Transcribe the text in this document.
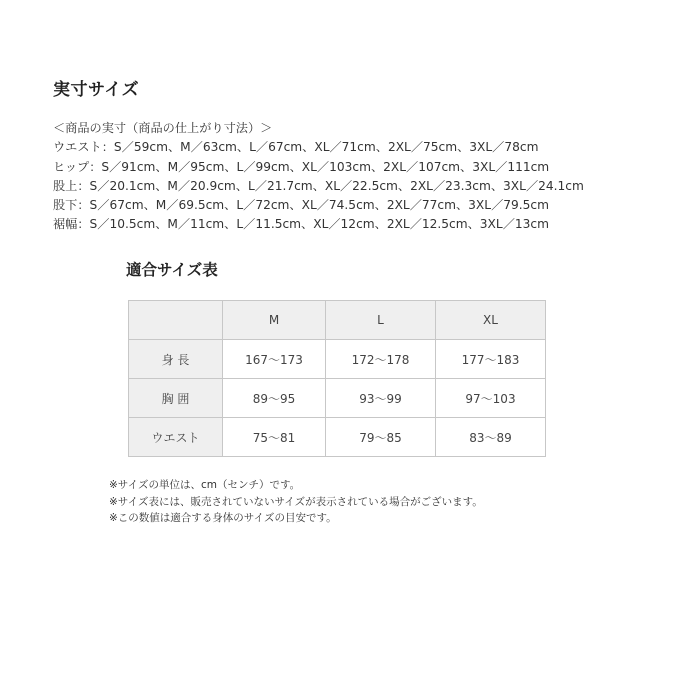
実寸サイズ
＜商品の実寸（商品の仕上がり寸法）＞
ウエスト：S／59cm、M／63cm、L／67cm、XL／71cm、2XL／75cm、3XL／78cm
ヒップ：S／91cm、M／95cm、L／99cm、XL／103cm、2XL／107cm、3XL／111cm
股上：S／20.1cm、M／20.9cm、L／21.7cm、XL／22.5cm、2XL／23.3cm、3XL／24.1cm
股下：S／67cm、M／69.5cm、L／72cm、XL／74.5cm、2XL／77cm、3XL／79.5cm
裾幅：S／10.5cm、M／11cm、L／11.5cm、XL／12cm、2XL／12.5cm、3XL／13cm
適合サイズ表
	M	L	XL	
身 長	167～173	172～178	177～183	
胸 囲	89～95	93～99	97～103	
ウエスト	75～81	79～85	83～89	
※サイズの単位は、cm（センチ）です。
※サイズ表には、販売されていないサイズが表示されている場合がございます。
※この数値は適合する身体のサイズの目安です。
